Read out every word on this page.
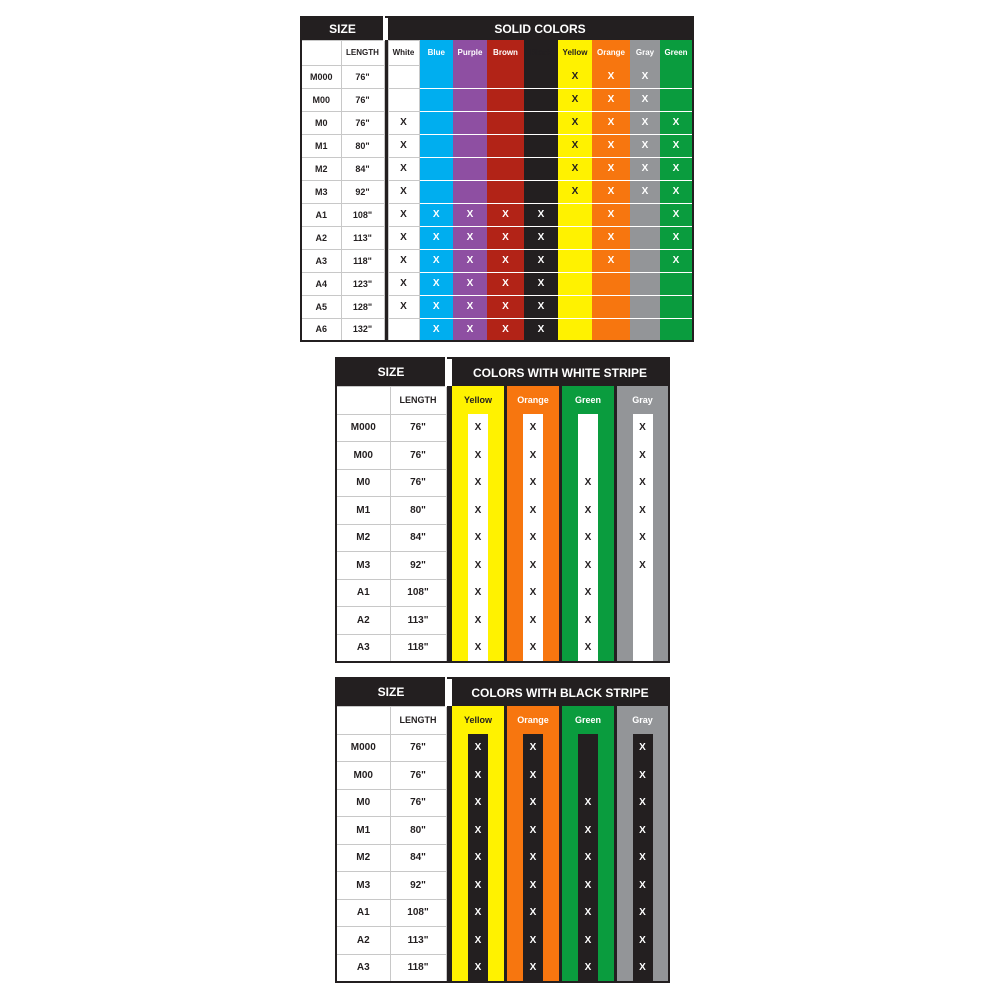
SIZE			SOLID COLORS								
	LENGTH		White	Blue	Purple	Brown	Black	Yellow	Orange	Gray	Green
M000	76"							X	X	X	
M00	76"							X	X	X	
M0	76"		X					X	X	X	X
M1	80"		X					X	X	X	X
M2	84"		X					X	X	X	X
M3	92"		X					X	X	X	X
A1	108"		X	X	X	X	X		X		X
A2	113"		X	X	X	X	X		X		X
A3	118"		X	X	X	X	X		X		X
A4	123"		X	X	X	X	X				
A5	128"		X	X	X	X	X				
A6	132"			X	X	X	X				
SIZE			COLORS WITH WHITE STRIPE						
	LENGTH		Yellow		Orange		Green		Gray
M000	76"		X		X				X

M00	76"		X		X				X

M0	76"		X		X		X		X

M1	80"		X		X		X		X

M2	84"		X		X		X		X

M3	92"		X		X		X		X

A1	108"		X		X		X		

A2	113"		X		X		X		

A3	118"		X		X		X		

SIZE			COLORS WITH BLACK STRIPE						
	LENGTH		Yellow		Orange		Green		Gray
M000	76"		X		X				X

M00	76"		X		X				X

M0	76"		X		X		X		X

M1	80"		X		X		X		X

M2	84"		X		X		X		X

M3	92"		X		X		X		X

A1	108"		X		X		X		X

A2	113"		X		X		X		X

A3	118"		X		X		X		X
